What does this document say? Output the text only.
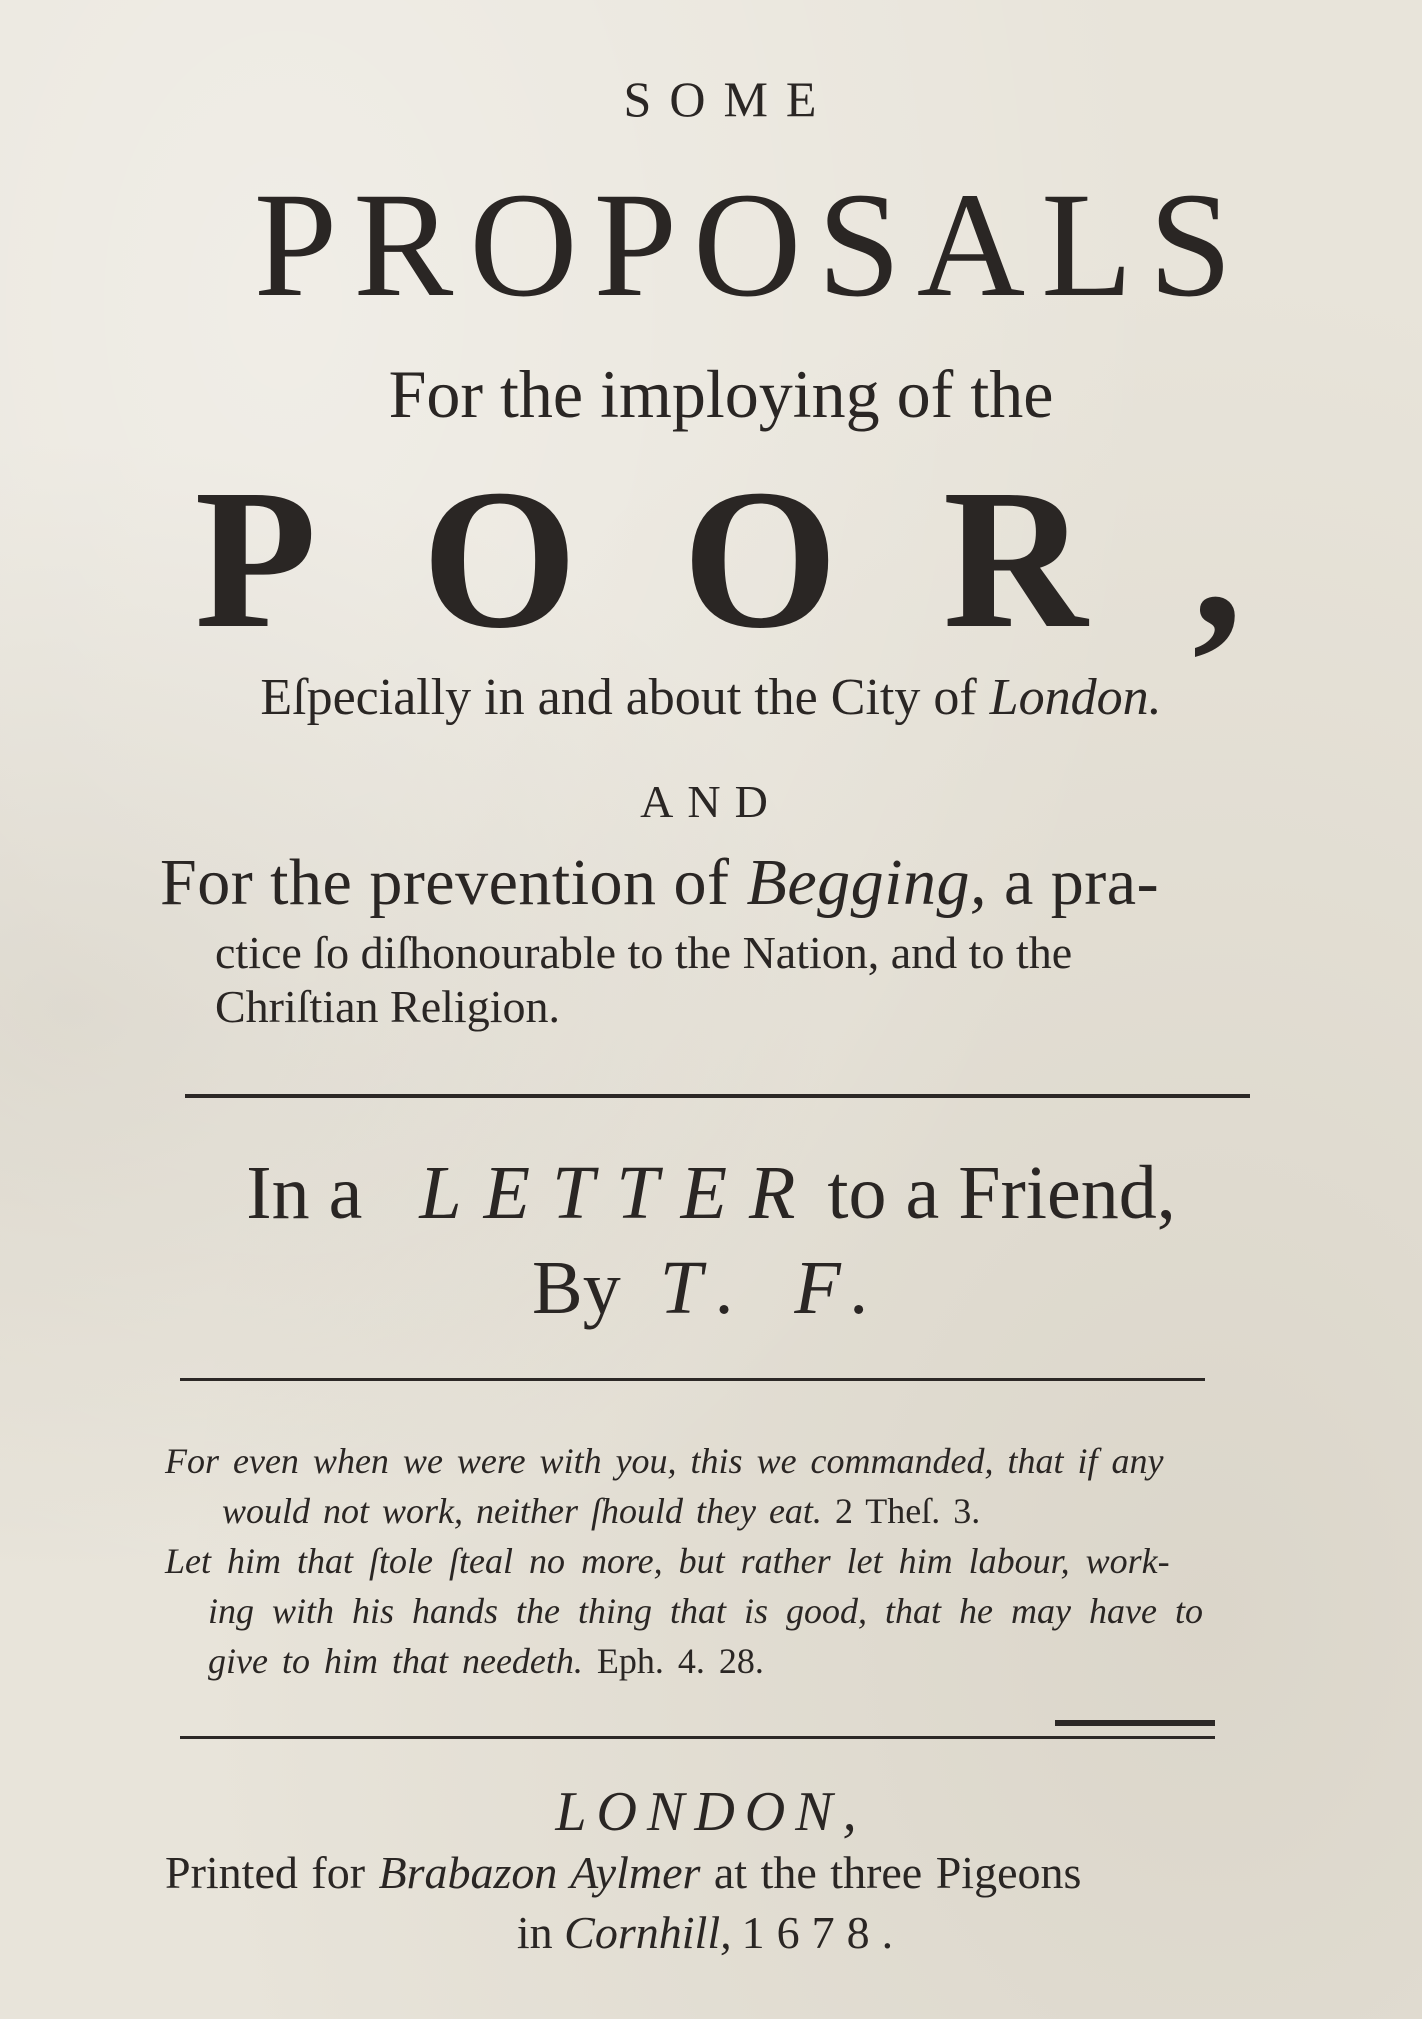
SOME
PROPOSALS
For the imploying of the
POOR,
Eſpecially in and about the City of London.
AND
For the prevention of Begging, a pra-
ctice ſo diſhonourable to the Nation, and to the
Chriſtian Religion.
In a LETTER to a Friend,
By T. F.
For even when we were with you, this we commanded, that if any
would not work, neither ſhould they eat. 2 Theſ. 3.
Let him that ſtole ſteal no more, but rather let him labour, work-
ing with his hands the thing that is good, that he may have to
give to him that needeth. Eph. 4. 28.
LONDON,
Printed for Brabazon Aylmer at the three Pigeons
in Cornhill, 1678.
